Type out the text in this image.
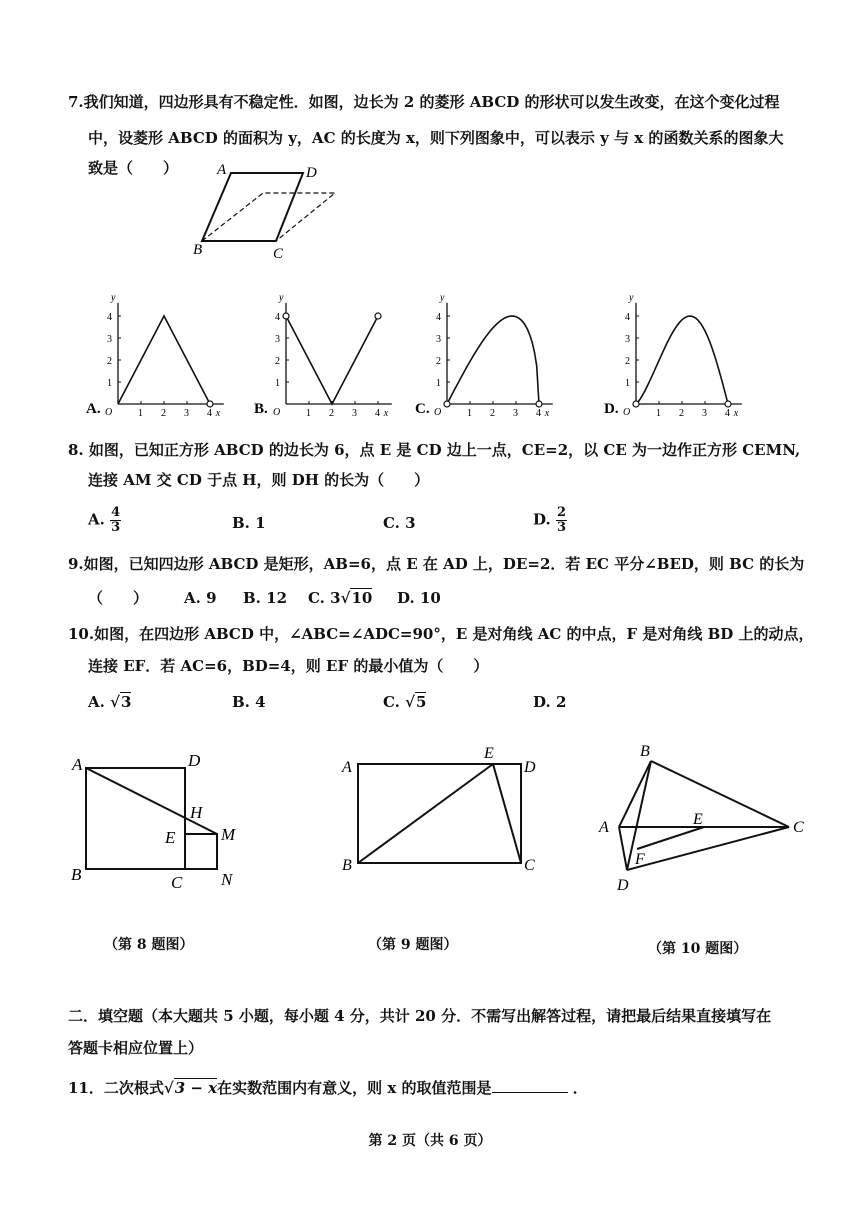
7.我们知道，四边形具有不稳定性．如图，边长为 2 的菱形 ABCD 的形状可以发生改变，在这个变化过程
中，设菱形 ABCD 的面积为 y，AC 的长度为 x，则下列图象中，可以表示 y 与 x 的函数关系的图象大
致是（　　）	A	D
B	C
A.
y
x
O	1 2 3 4
1
2
3
4
B.
y
x
O	1 2 3 4
1
2
3
4
C.
y
x
O	1 2 3 4
1
2
3
4
D.
y
x
O	1 2 3 4
1
2
3
4
8. 如图，已知正方形 ABCD 的边长为 6，点 E 是 CD 边上一点，CE=2，以 CE 为一边作正方形 CEMN,
连接 AM 交 CD 于点 H，则 DH 的长为（　　）
A. $\frac{4}{3}$	B. 1	C. 3	D. $\frac{2}{3}$
9.如图，已知四边形 ABCD 是矩形，AB=6，点 E 在 AD 上，DE=2．若 EC 平分∠BED，则 BC 的长为
（　　） A. 9 B. 12 C. 3√10 D. 10
10.如图，在四边形 ABCD 中，∠ABC=∠ADC=90°，E 是对角线 AC 的中点，F 是对角线 BD 上的动点，
连接 EF．若 AC=6，BD=4，则 EF 的最小值为（　　）
A. √3	B. 4	C. √5	D. 2
A	D
H
E	M
B	C N
A
E
D
B	C
B
A	E	C
F
D
（第 8 题图）	（第 9 题图）	（第 10 题图）
二．填空题（本大题共 5 小题，每小题 4 分，共计 20 分．不需写出解答过程，请把最后结果直接填写在
答题卡相应位置上）
11．二次根式√3 − x在实数范围内有意义，则 x 的取值范围是	．
第 2 页（共 6 页）
